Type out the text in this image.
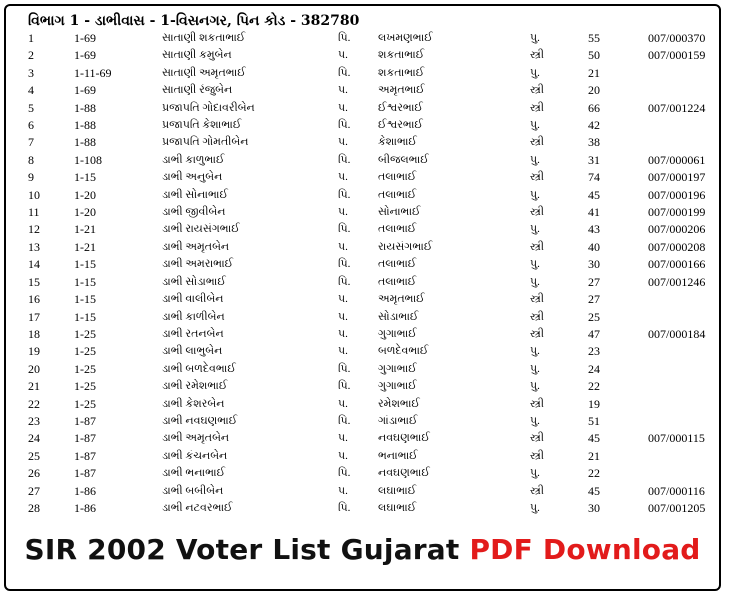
વિભાગ 1 - ડાભીવાસ - 1-વિસનગર, પિન કોડ - 382780
1	1-69	સાતાણી શકતાભાઈ	પિ.	લખમણભાઈ	પુ.	55	007/000370
2	1-69	સાતાણી કમુબેન	પ.	શકતાભાઈ	સ્ત્રી	50	007/000159
3	1-11-69	સાતાણી અમૃતભાઈ	પિ.	શકતાભાઈ	પુ.	21	
4	1-69	સાતાણી રંજુબેન	પ.	અમૃતભાઈ	સ્ત્રી	20	
5	1-88	પ્રજાપતિ ગોદાવરીબેન	પ.	ઈશ્વરભાઈ	સ્ત્રી	66	007/001224
6	1-88	પ્રજાપતિ કેશાભાઈ	પિ.	ઈશ્વરભાઈ	પુ.	42	
7	1-88	પ્રજાપતિ ગોમતીબેન	પ.	કેશાભાઈ	સ્ત્રી	38	
8	1-108	ડાભી કાળુભાઈ	પિ.	બીજલભાઈ	પુ.	31	007/000061
9	1-15	ડાભી અનુબેન	પ.	તલાભાઈ	સ્ત્રી	74	007/000197
10	1-20	ડાભી સોનાભાઈ	પિ.	તલાભાઈ	પુ.	45	007/000196
11	1-20	ડાભી જીવીબેન	પ.	સોનાભાઈ	સ્ત્રી	41	007/000199
12	1-21	ડાભી રાયસંગભાઈ	પિ.	તલાભાઈ	પુ.	43	007/000206
13	1-21	ડાભી અમૃતબેન	પ.	રાયસંગભાઈ	સ્ત્રી	40	007/000208
14	1-15	ડાભી અમરાભાઈ	પિ.	તલાભાઈ	પુ.	30	007/000166
15	1-15	ડાભી સોડાભાઈ	પિ.	તલાભાઈ	પુ.	27	007/001246
16	1-15	ડાભી વાલીબેન	પ.	અમૃતભાઈ	સ્ત્રી	27	
17	1-15	ડાભી કાળીબેન	પ.	સોડાભાઈ	સ્ત્રી	25	
18	1-25	ડાભી રતનબેન	પ.	ગુગાભાઈ	સ્ત્રી	47	007/000184
19	1-25	ડાભી લાભુબેન	પ.	બળદેવભાઈ	પુ.	23	
20	1-25	ડાભી બળદેવભાઈ	પિ.	ગુગાભાઈ	પુ.	24	
21	1-25	ડાભી રમેશભાઈ	પિ.	ગુગાભાઈ	પુ.	22	
22	1-25	ડાભી કેશરબેન	પ.	રમેશભાઈ	સ્ત્રી	19	
23	1-87	ડાભી નવઘણભાઈ	પિ.	ગાંડાભાઈ	પુ.	51	
24	1-87	ડાભી અમૃતબેન	પ.	નવઘણભાઈ	સ્ત્રી	45	007/000115
25	1-87	ડાભી કંચનબેન	પ.	ભનાભાઈ	સ્ત્રી	21	
26	1-87	ડાભી ભનાભાઈ	પિ.	નવઘણભાઈ	પુ.	22	
27	1-86	ડાભી બબીબેન	પ.	લઘાભાઈ	સ્ત્રી	45	007/000116
28	1-86	ડાભી નટવરભાઈ	પિ.	લઘાભાઈ	પુ.	30	007/001205
SIR 2002 Voter List Gujarat PDF Download
